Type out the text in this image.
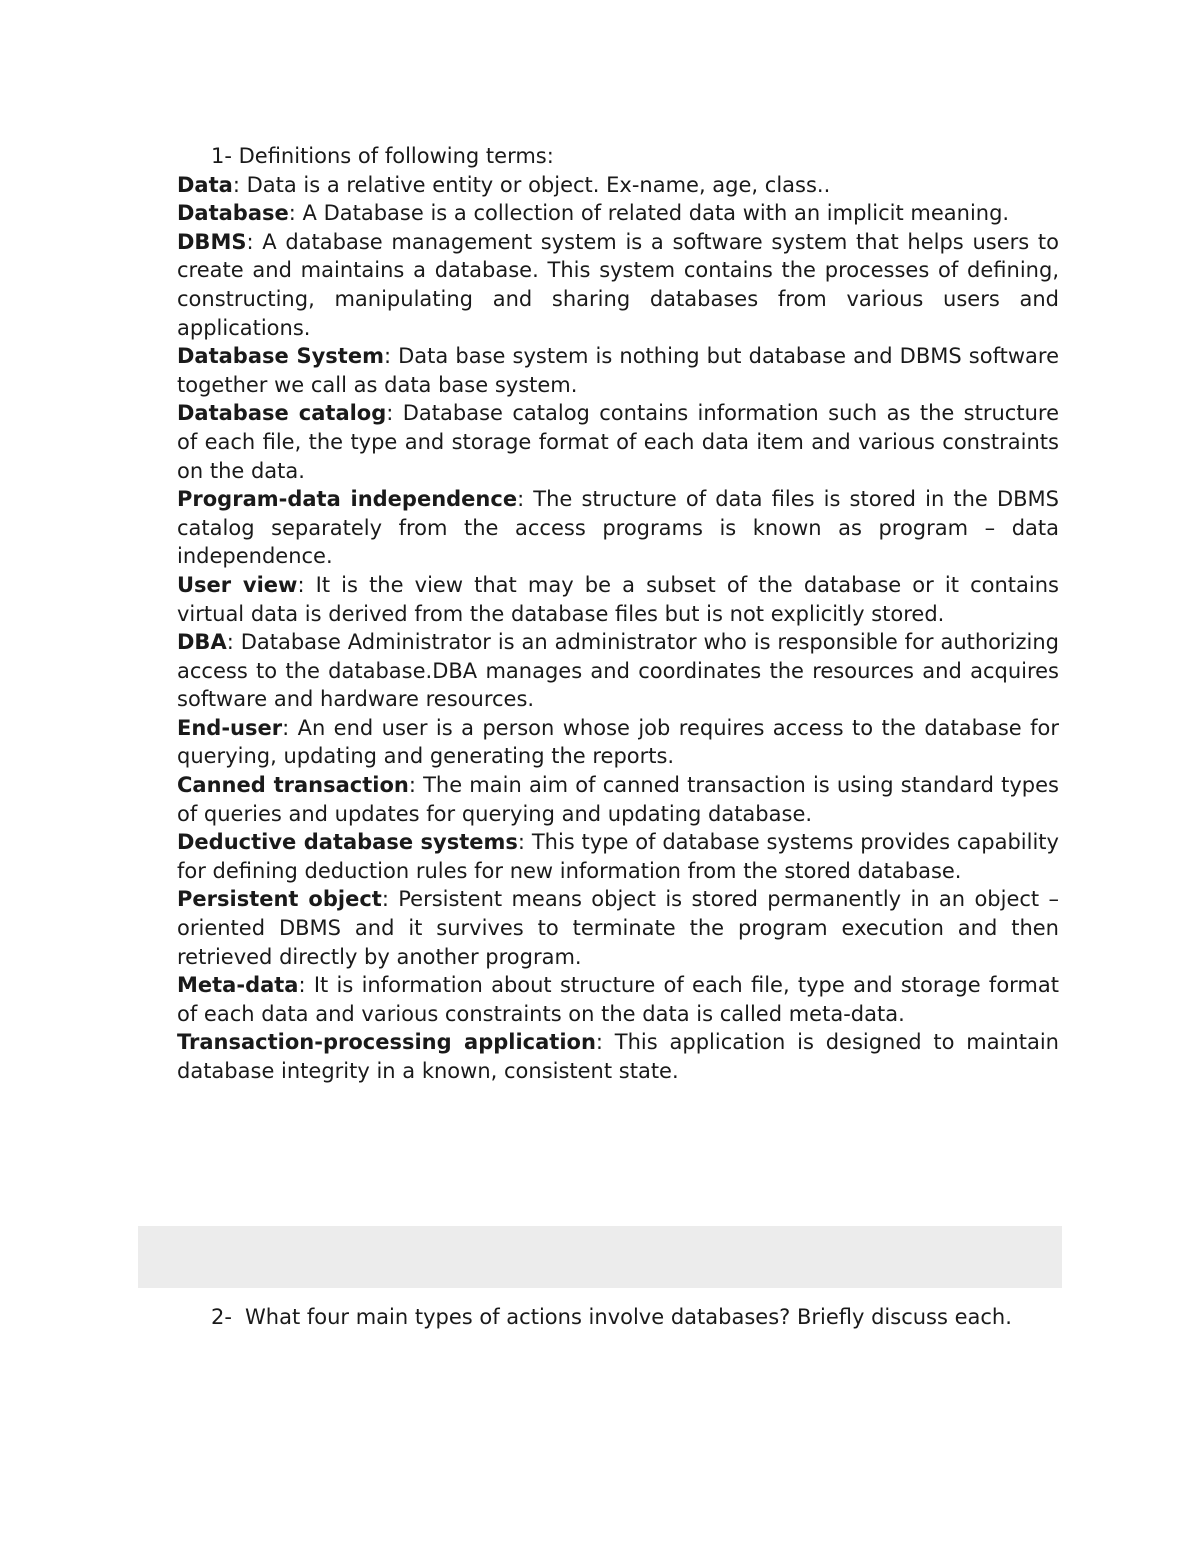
1- Definitions of following terms:

Data: Data is a relative entity or object. Ex-name, age, class..

Database: A Database is a collection of related data with an implicit meaning.

DBMS: A database management system is a software system that helps users to create and maintains a database. This system contains the processes of defining, constructing, manipulating and sharing databases from various users and applications.

Database System: Data base system is nothing but database and DBMS software together we call as data base system.

Database catalog: Database catalog contains information such as the structure of each file, the type and storage format of each data item and various constraints on the data.

Program-data independence: The structure of data files is stored in the DBMS catalog separately from the access programs is known as program – data independence.

User view: It is the view that may be a subset of the database or it contains virtual data is derived from the database files but is not explicitly stored.

DBA: Database Administrator is an administrator who is responsible for authorizing access to the database.DBA manages and coordinates the resources and acquires software and hardware resources.

End-user: An end user is a person whose job requires access to the database for querying, updating and generating the reports.

Canned transaction: The main aim of canned transaction is using standard types of queries and updates for querying and updating database.

Deductive database systems: This type of database systems provides capability for defining deduction rules for new information from the stored database.

Persistent object: Persistent means object is stored permanently in an object –oriented DBMS and it survives to terminate the program execution and then retrieved directly by another program.

Meta-data: It is information about structure of each file, type and storage format of each data and various constraints on the data is called meta-data.

Transaction-processing application: This application is designed to maintain database integrity in a known, consistent state.

2- What four main types of actions involve databases? Briefly discuss each.
